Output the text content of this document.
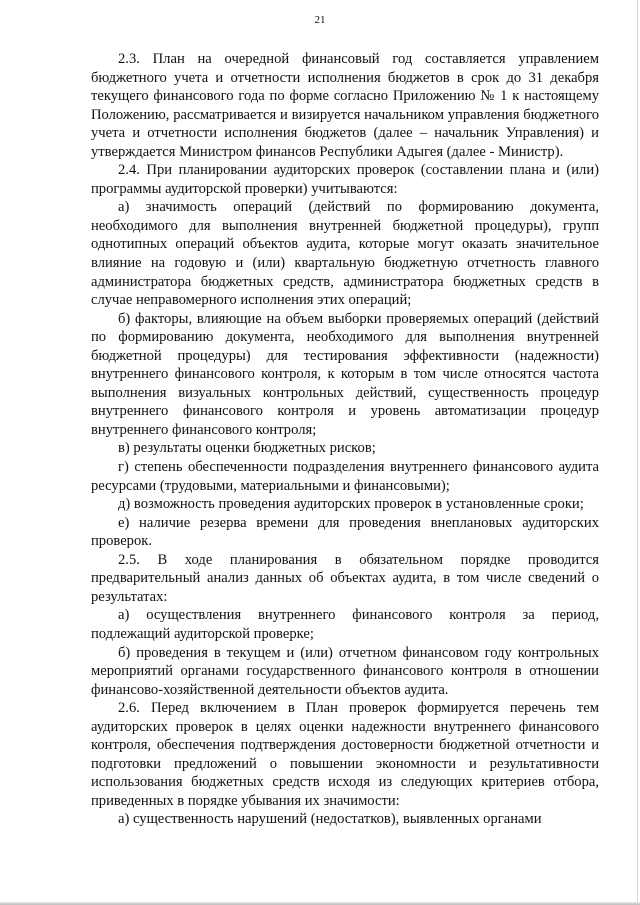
21

2.3. План на очередной финансовый год составляется управлением бюджетного учета и отчетности исполнения бюджетов в срок до 31 декабря текущего финансового года по форме согласно Приложению № 1 к настоящему Положению, рассматривается и визируется начальником управления бюджетного учета и отчетности исполнения бюджетов (далее – начальник Управления) и утверждается Министром финансов Республики Адыгея (далее - Министр).

2.4. При планировании аудиторских проверок (составлении плана и (или) программы аудиторской проверки) учитываются:

а) значимость операций (действий по формированию документа, необходимого для выполнения внутренней бюджетной процедуры), групп однотипных операций объектов аудита, которые могут оказать значительное влияние на годовую и (или) квартальную бюджетную отчетность главного администратора бюджетных средств, администратора бюджетных средств в случае неправомерного исполнения этих операций;

б) факторы, влияющие на объем выборки проверяемых операций (действий по формированию документа, необходимого для выполнения внутренней бюджетной процедуры) для тестирования эффективности (надежности) внутреннего финансового контроля, к которым в том числе относятся частота выполнения визуальных контрольных действий, существенность процедур внутреннего финансового контроля и уровень автоматизации процедур внутреннего финансового контроля;

в) результаты оценки бюджетных рисков;

г) степень обеспеченности подразделения внутреннего финансового аудита ресурсами (трудовыми, материальными и финансовыми);

д) возможность проведения аудиторских проверок в установленные сроки;

е) наличие резерва времени для проведения внеплановых аудиторских проверок.

2.5. В ходе планирования в обязательном порядке проводится предварительный анализ данных об объектах аудита, в том числе сведений о результатах:

а) осуществления внутреннего финансового контроля за период, подлежащий аудиторской проверке;

б) проведения в текущем и (или) отчетном финансовом году контрольных мероприятий органами государственного финансового контроля в отношении финансово-хозяйственной деятельности объектов аудита.

2.6. Перед включением в План проверок формируется перечень тем аудиторских проверок в целях оценки надежности внутреннего финансового контроля, обеспечения подтверждения достоверности бюджетной отчетности и подготовки предложений о повышении экономности и результативности использования бюджетных средств исходя из следующих критериев отбора, приведенных в порядке убывания их значимости:

а) существенность нарушений (недостатков), выявленных органами
